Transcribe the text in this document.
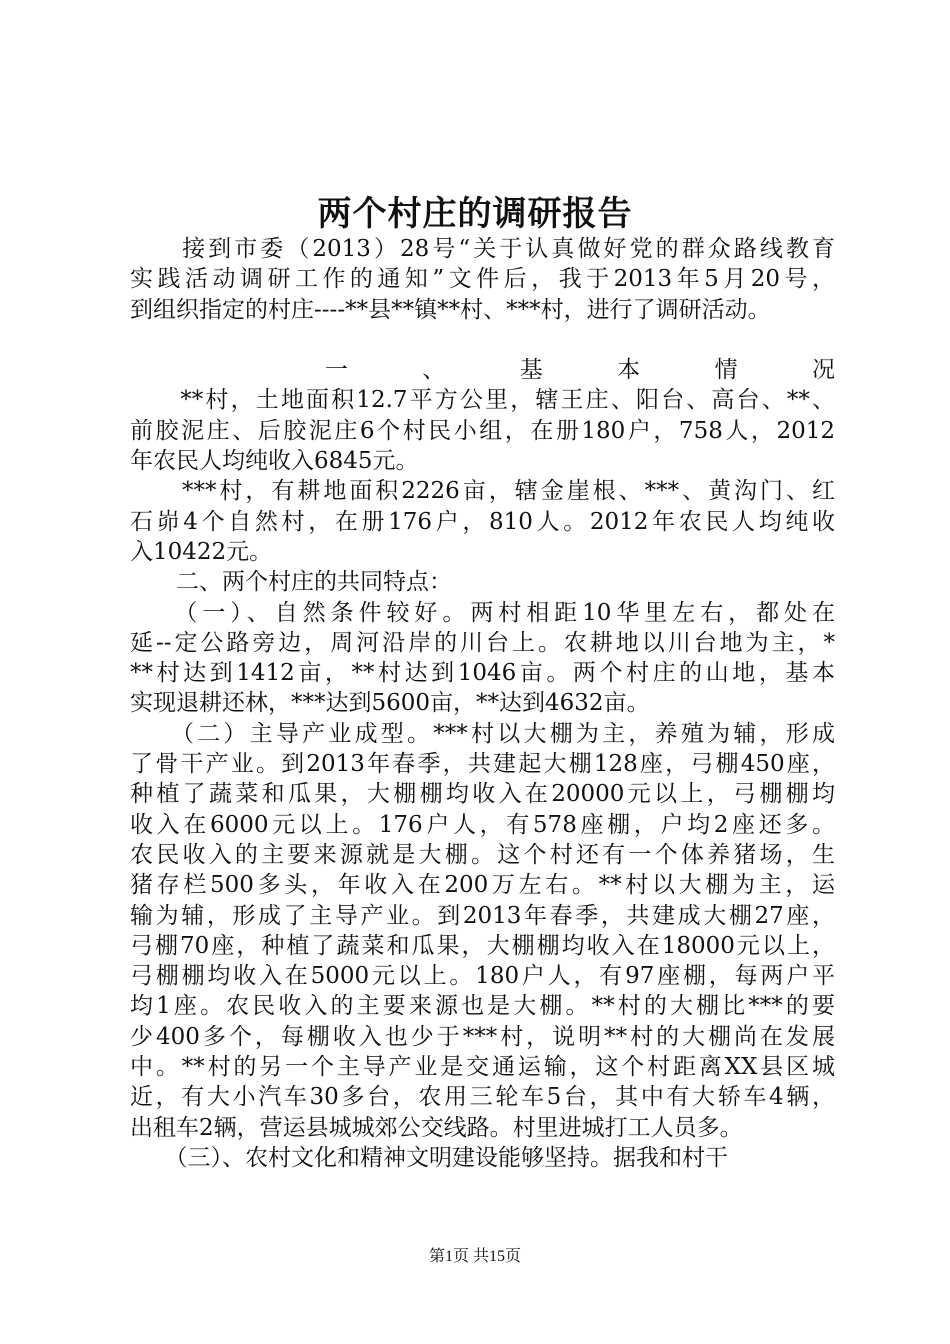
两个村庄的调研报告
　　接到市委（2013）28号“关于认真做好党的群众路线教育
实践活动调研工作的通知”文件后，我于2013年5月20号，
到组织指定的村庄----**县**镇**村、***村，进行了调研活动。
　　一、基本情况
　　**村，土地面积12.7平方公里，辖王庄、阳台、高台、**、
前胶泥庄、后胶泥庄6个村民小组，在册180户，758人，2012
年农民人均纯收入6845元。
　　***村，有耕地面积2226亩，辖金崖根、***、黄沟门、红
石峁4个自然村，在册176户，810人。2012年农民人均纯收
入10422元。
　　二、两个村庄的共同特点：
　　（一）、自然条件较好。两村相距10华里左右，都处在
延--定公路旁边，周河沿岸的川台上。农耕地以川台地为主，*
**村达到1412亩，**村达到1046亩。两个村庄的山地，基本
实现退耕还林，***达到5600亩，**达到4632亩。
　　（二）主导产业成型。***村以大棚为主，养殖为辅，形成
了骨干产业。到2013年春季，共建起大棚128座，弓棚450座，
种植了蔬菜和瓜果，大棚棚均收入在20000元以上，弓棚棚均
收入在6000元以上。176户人，有578座棚，户均2座还多。
农民收入的主要来源就是大棚。这个村还有一个体养猪场，生
猪存栏500多头，年收入在200万左右。**村以大棚为主，运
输为辅，形成了主导产业。到2013年春季，共建成大棚27座，
弓棚70座，种植了蔬菜和瓜果，大棚棚均收入在18000元以上，
弓棚棚均收入在5000元以上。180户人，有97座棚，每两户平
均1座。农民收入的主要来源也是大棚。**村的大棚比***的要
少400多个，每棚收入也少于***村，说明**村的大棚尚在发展
中。**村的另一个主导产业是交通运输，这个村距离XX县区城
近，有大小汽车30多台，农用三轮车5台，其中有大轿车4辆，
出租车2辆，营运县城城郊公交线路。村里进城打工人员多。
　　（三）、农村文化和精神文明建设能够坚持。据我和村干
第1页 共15页
